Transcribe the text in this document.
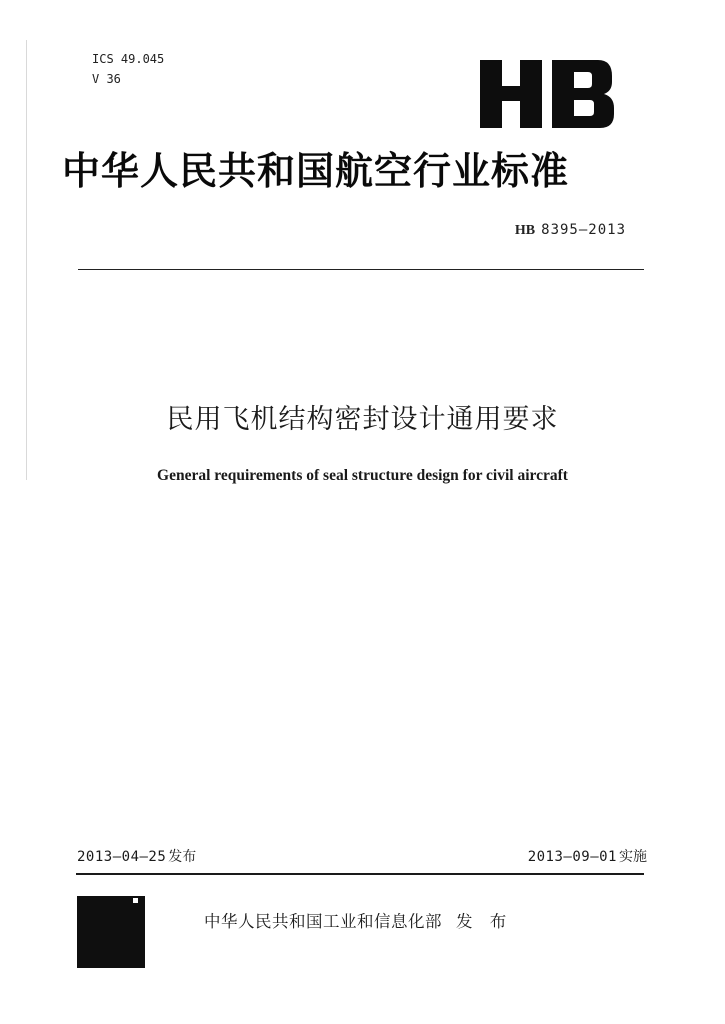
ICS 49.045
V 36
中华人民共和国航空行业标准
HB 8395—2013
民用飞机结构密封设计通用要求
General requirements of seal structure design for civil aircraft
2013—04—25 发布	2013—09—01 实施
中华人民共和国工业和信息化部 发 布
